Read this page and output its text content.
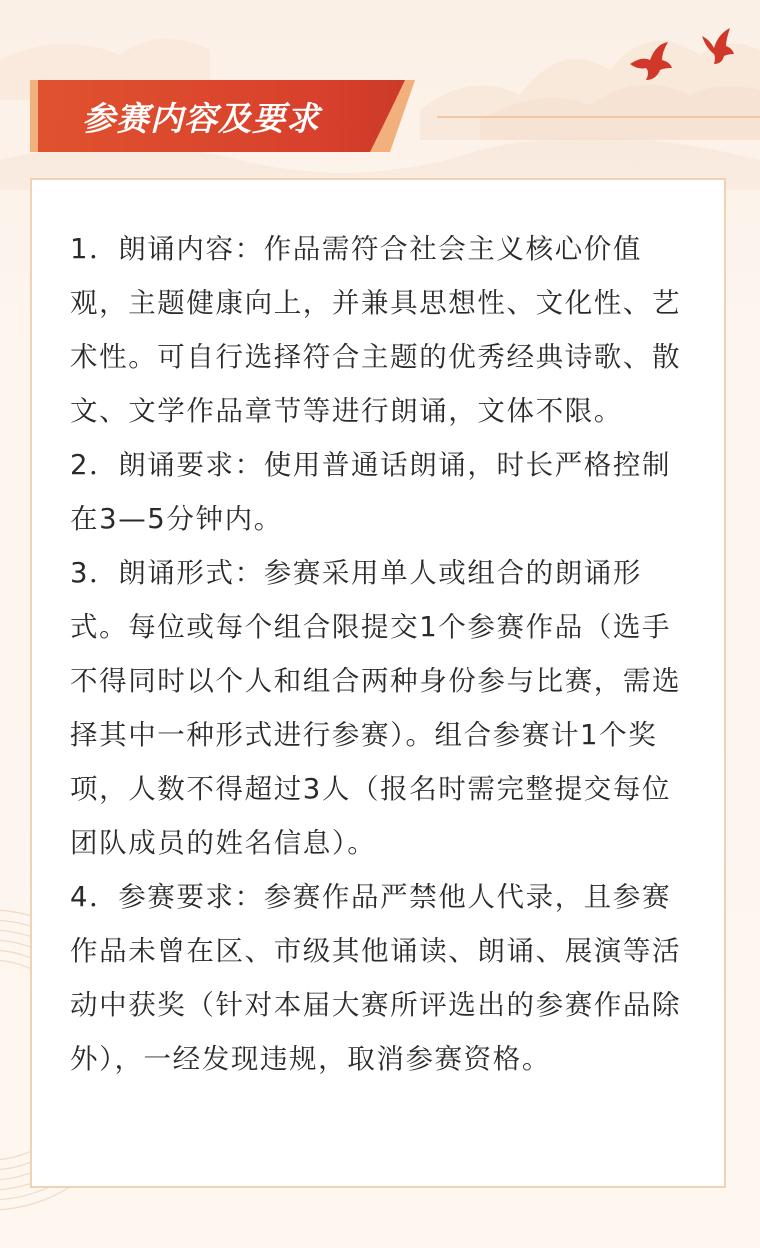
参赛内容及要求

1．朗诵内容：作品需符合社会主义核心价值观，主题健康向上，并兼具思想性、文化性、艺术性。可自行选择符合主题的优秀经典诗歌、散文、文学作品章节等进行朗诵，文体不限。

2．朗诵要求：使用普通话朗诵，时长严格控制在3—5分钟内。

3．朗诵形式：参赛采用单人或组合的朗诵形式。每位或每个组合限提交1个参赛作品（选手不得同时以个人和组合两种身份参与比赛，需选择其中一种形式进行参赛）。组合参赛计1个奖项，人数不得超过3人（报名时需完整提交每位团队成员的姓名信息）。

4．参赛要求：参赛作品严禁他人代录，且参赛作品未曾在区、市级其他诵读、朗诵、展演等活动中获奖（针对本届大赛所评选出的参赛作品除外），一经发现违规，取消参赛资格。
